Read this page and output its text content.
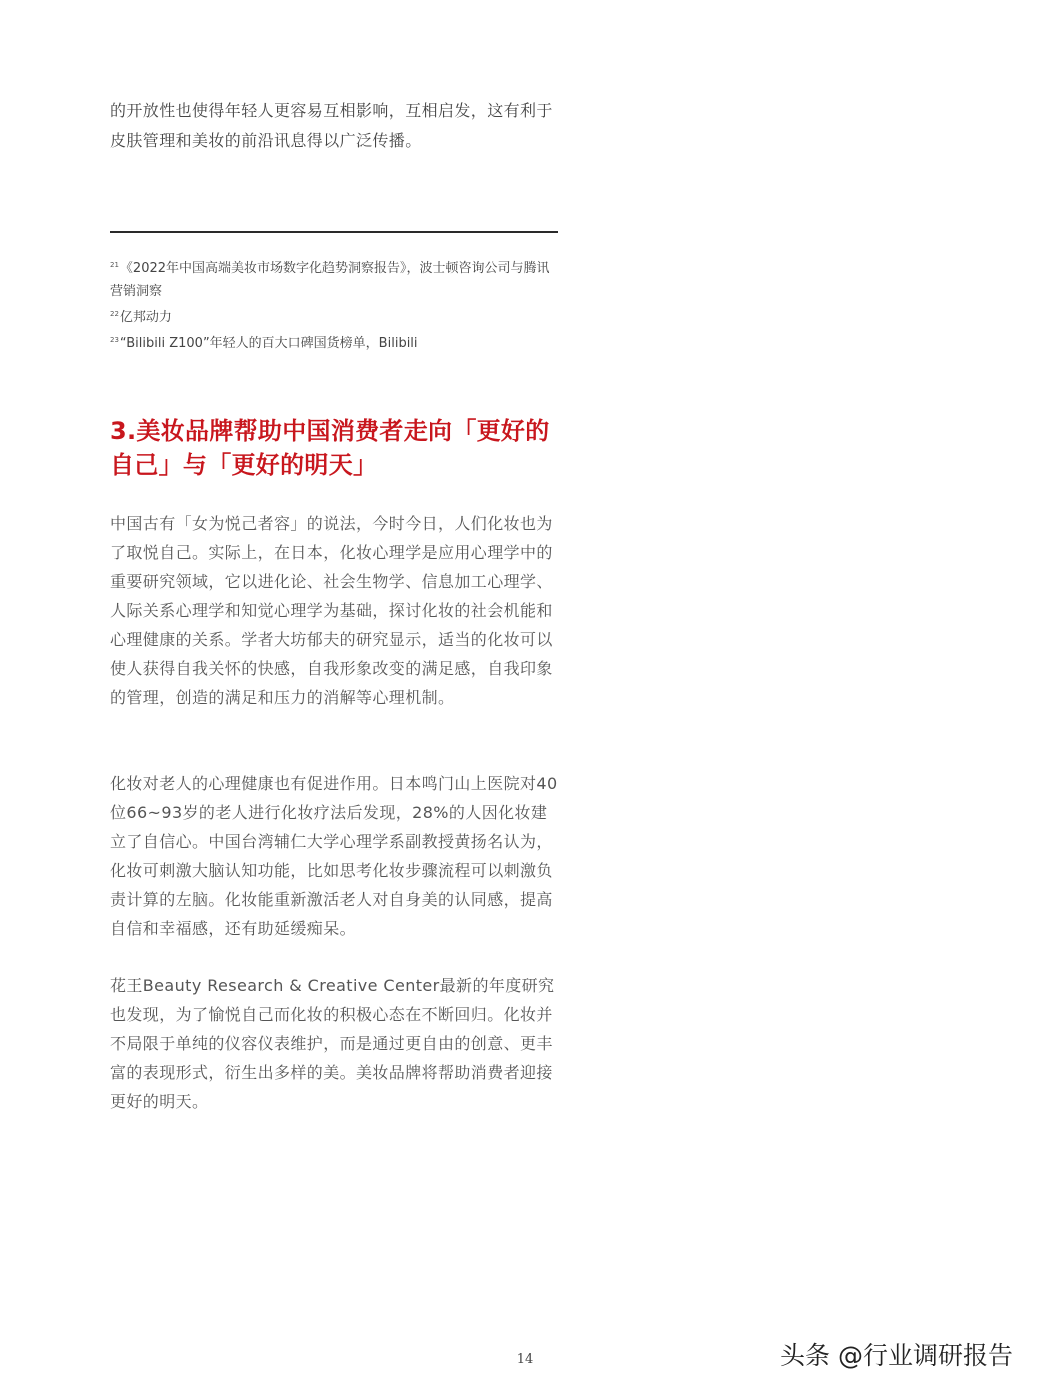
的开放性也使得年轻人更容易互相影响，互相启发，这有利于皮肤管理和美妆的前沿讯息得以广泛传播。

$^{21}$《2022年中国高端美妆市场数字化趋势洞察报告》，波士顿咨询公司与腾讯营销洞察
$^{22}$亿邦动力
$^{23}$“Bilibili Z100”年轻人的百大口碑国货榜单，Bilibili
3.美妆品牌帮助中国消费者走向「更好的自己」与「更好的明天」

中国古有「女为悦己者容」的说法，今时今日，人们化妆也为了取悦自己。实际上，在日本，化妆心理学是应用心理学中的重要研究领域，它以进化论、社会生物学、信息加工心理学、人际关系心理学和知觉心理学为基础，探讨化妆的社会机能和心理健康的关系。学者大坊郁夫的研究显示，适当的化妆可以使人获得自我关怀的快感，自我形象改变的满足感，自我印象的管理，创造的满足和压力的消解等心理机制。

化妆对老人的心理健康也有促进作用。日本鸣门山上医院对40位66~93岁的老人进行化妆疗法后发现，28%的人因化妆建立了自信心。中国台湾辅仁大学心理学系副教授黄扬名认为，化妆可刺激大脑认知功能，比如思考化妆步骤流程可以刺激负责计算的左脑。化妆能重新激活老人对自身美的认同感，提高自信和幸福感，还有助延缓痴呆。

花王Beauty Research & Creative Center最新的年度研究也发现，为了愉悦自己而化妆的积极心态在不断回归。化妆并不局限于单纯的仪容仪表维护，而是通过更自由的创意、更丰富的表现形式，衍生出多样的美。美妆品牌将帮助消费者迎接更好的明天。

14	头条 @行业调研报告
